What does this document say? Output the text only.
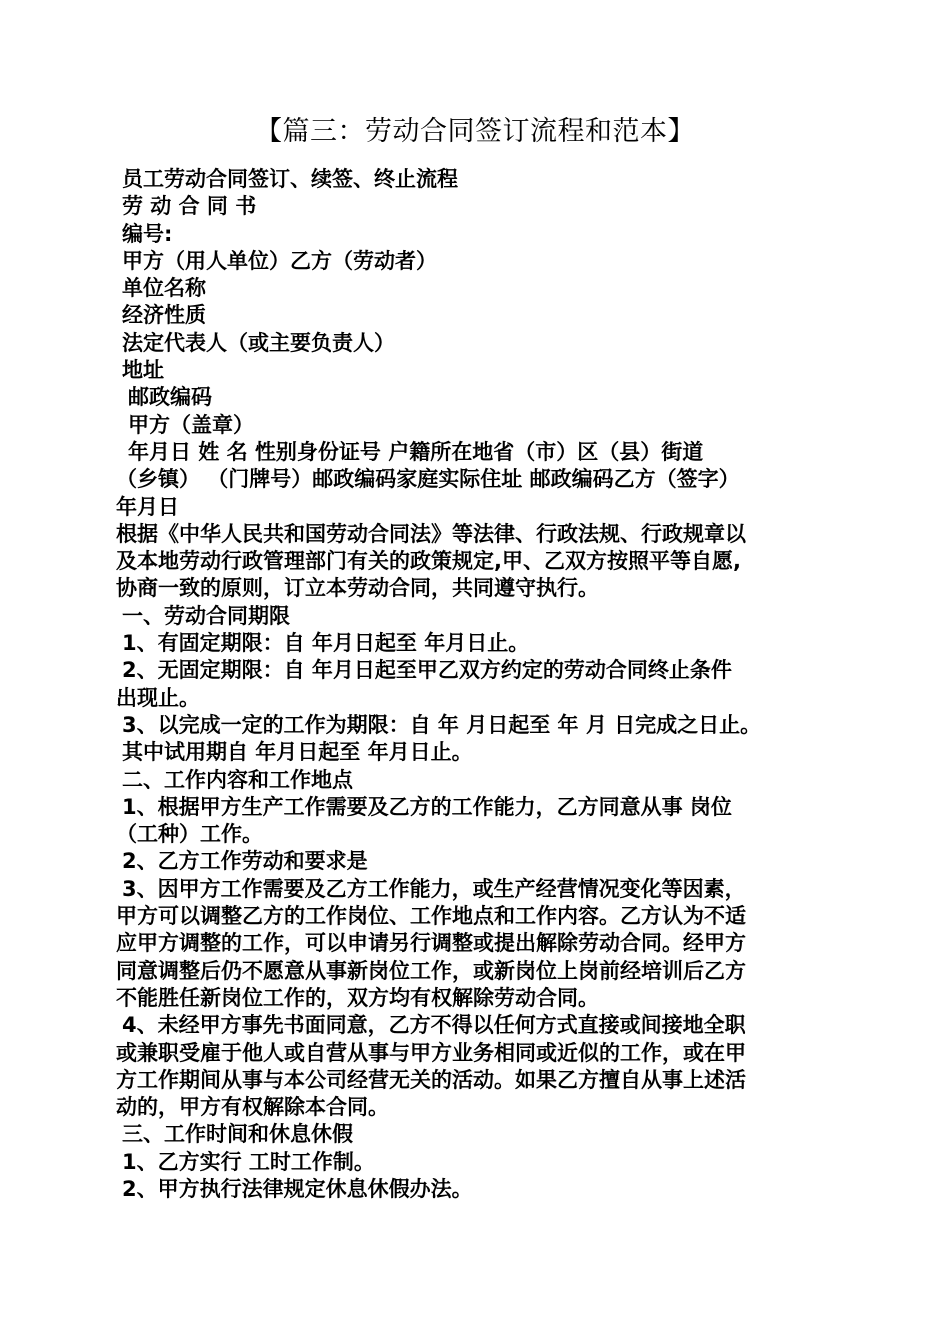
【篇三：劳动合同签订流程和范本】
员工劳动合同签订、续签、终止流程
劳 动 合 同 书
编号:
甲方（用人单位）乙方（劳动者）
单位名称
经济性质
法定代表人（或主要负责人）
地址
邮政编码
甲方（盖章）
年月日 姓 名 性别身份证号 户籍所在地省（市）区（县）街道
（乡镇） （门牌号）邮政编码家庭实际住址 邮政编码乙方（签字）
年月日
根据《中华人民共和国劳动合同法》等法律、行政法规、行政规章以
及本地劳动行政管理部门有关的政策规定,甲、乙双方按照平等自愿,
协商一致的原则，订立本劳动合同，共同遵守执行。
一、劳动合同期限
1、有固定期限：自 年月日起至 年月日止。
2、无固定期限：自 年月日起至甲乙双方约定的劳动合同终止条件
出现止。
3、以完成一定的工作为期限：自 年 月日起至 年 月 日完成之日止。
其中试用期自 年月日起至 年月日止。
二、工作内容和工作地点
1、根据甲方生产工作需要及乙方的工作能力，乙方同意从事 岗位
（工种）工作。
2、乙方工作劳动和要求是
3、因甲方工作需要及乙方工作能力，或生产经营情况变化等因素，
甲方可以调整乙方的工作岗位、工作地点和工作内容。乙方认为不适
应甲方调整的工作，可以申请另行调整或提出解除劳动合同。经甲方
同意调整后仍不愿意从事新岗位工作，或新岗位上岗前经培训后乙方
不能胜任新岗位工作的，双方均有权解除劳动合同。
4、未经甲方事先书面同意，乙方不得以任何方式直接或间接地全职
或兼职受雇于他人或自营从事与甲方业务相同或近似的工作，或在甲
方工作期间从事与本公司经营无关的活动。如果乙方擅自从事上述活
动的，甲方有权解除本合同。
三、工作时间和休息休假
1、乙方实行 工时工作制。
2、甲方执行法律规定休息休假办法。
